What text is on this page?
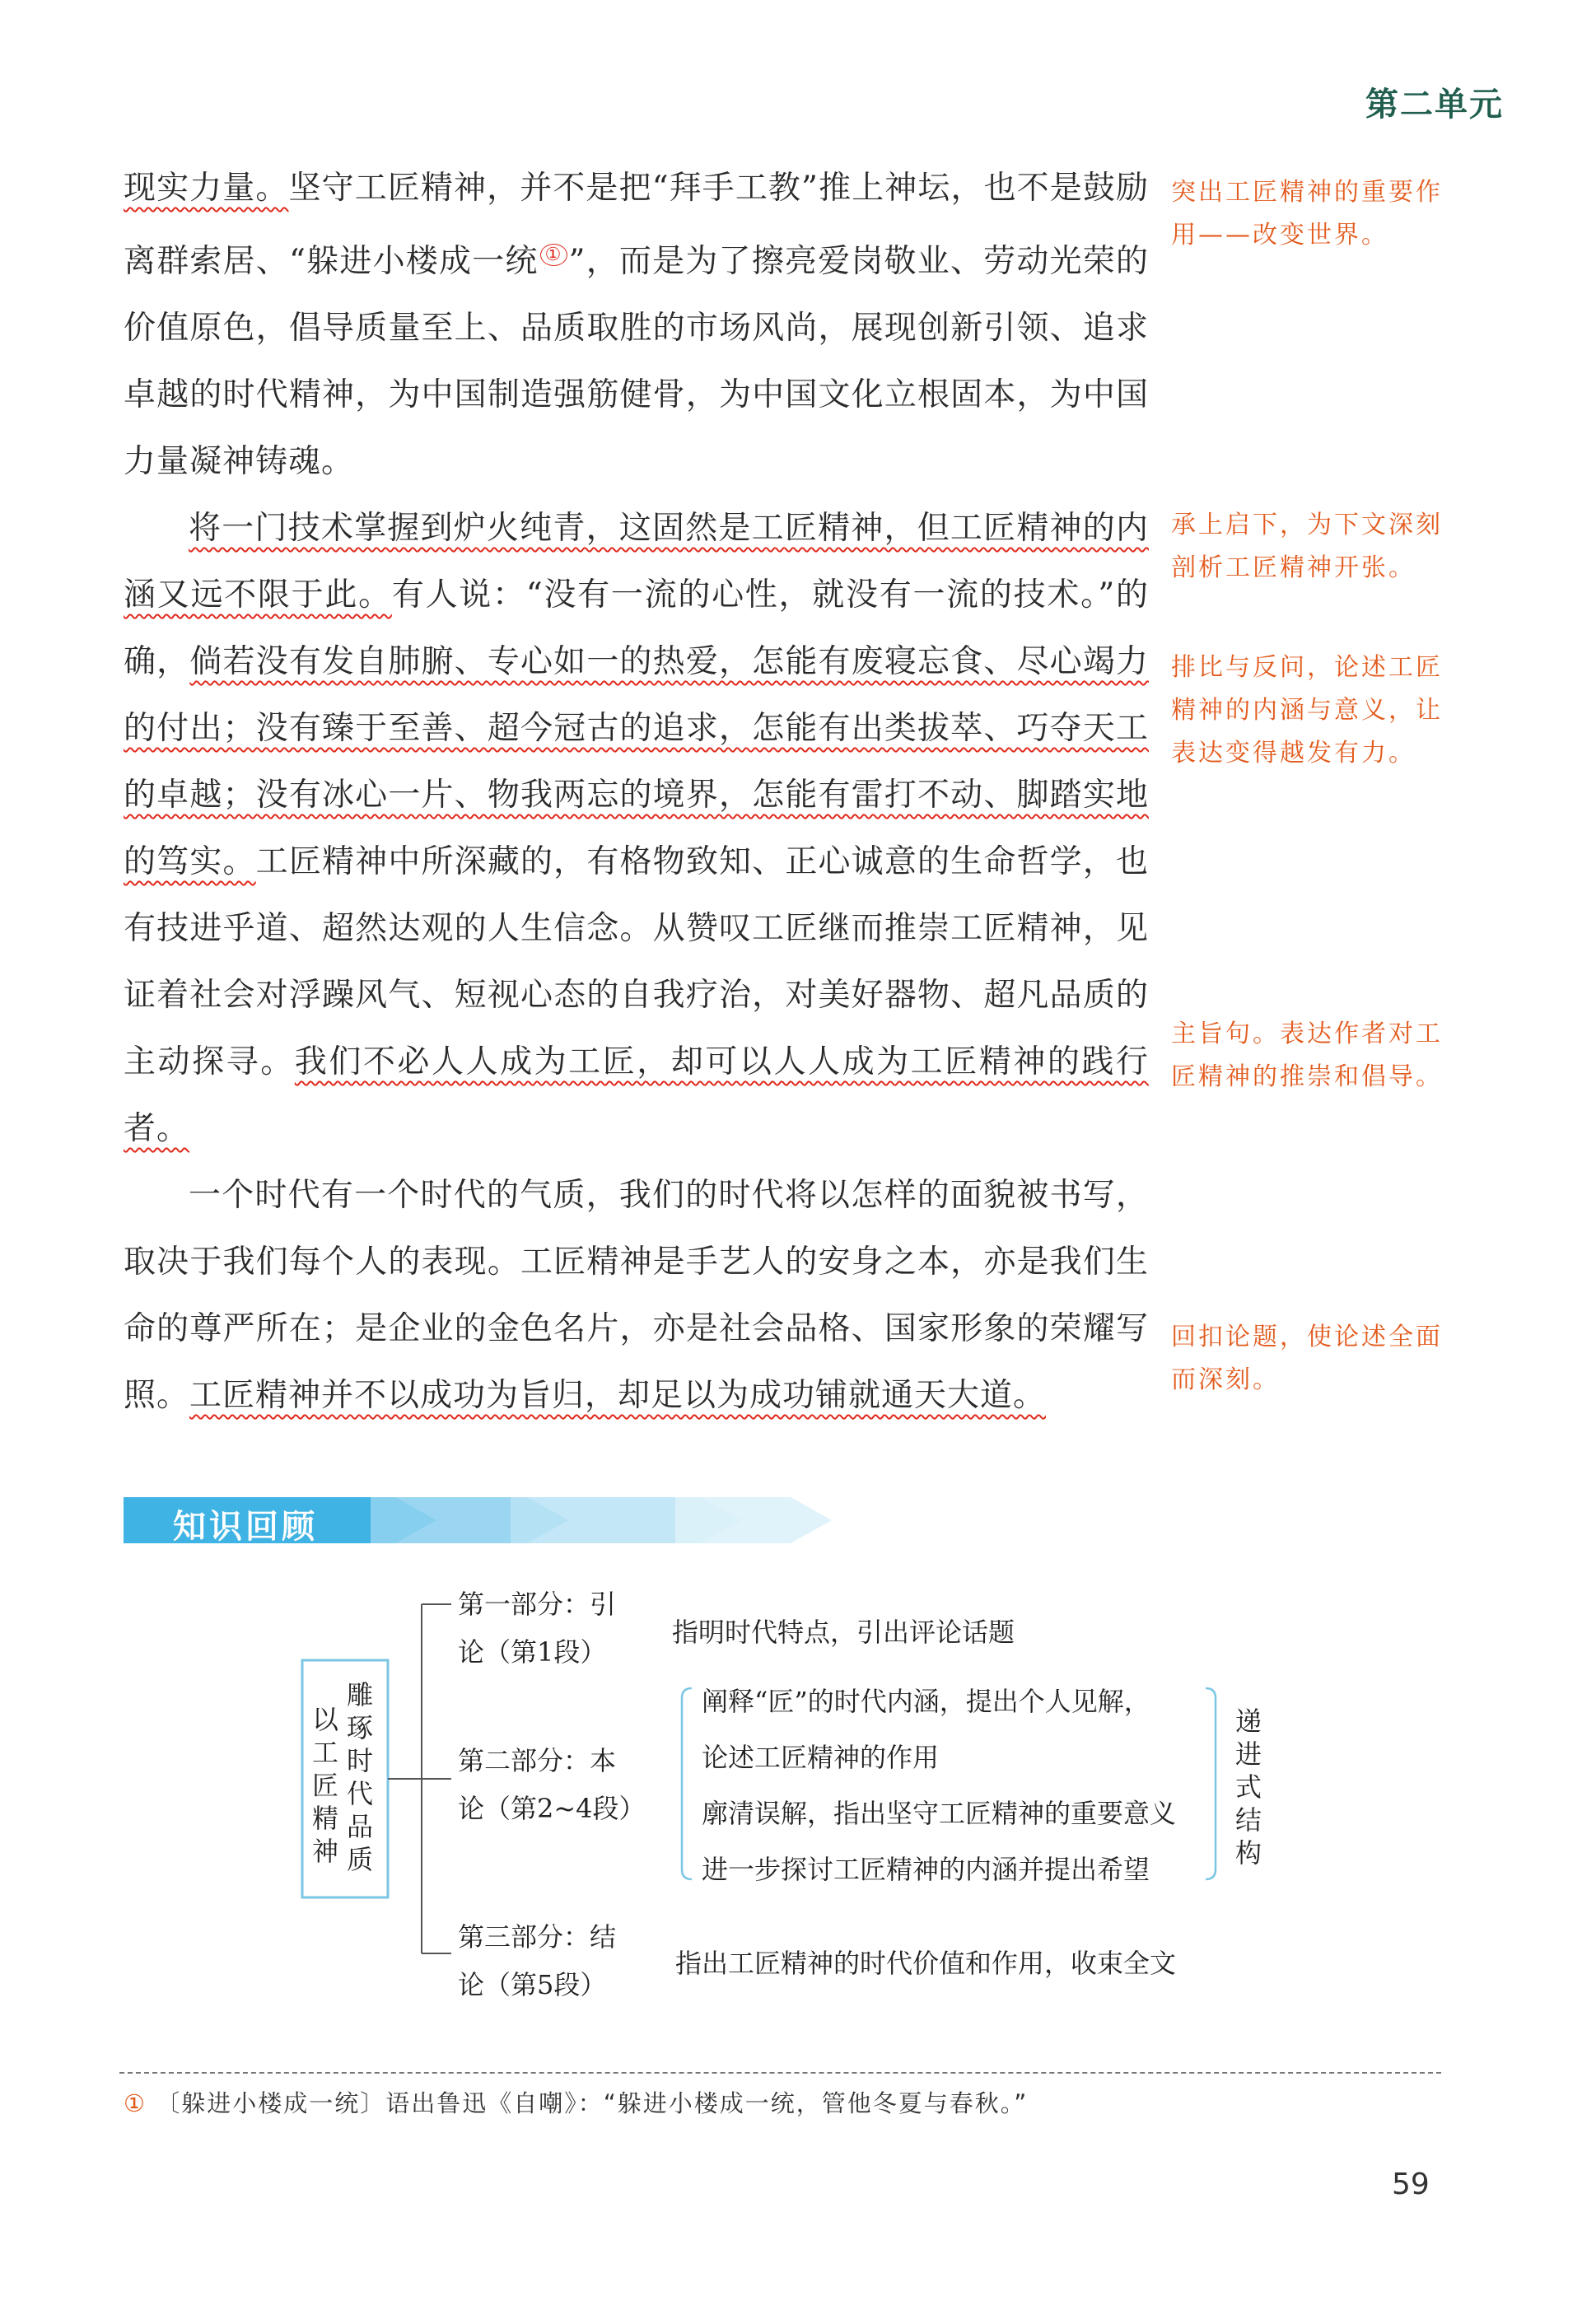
第二单元

现实力量。坚守工匠精神，并不是把“拜手工教”推上神坛，也不是鼓励离群索居、“躲进小楼成一统 ① ”，而是为了擦亮爱岗敬业、劳动光荣的价值原色，倡导质量至上、品质取胜的市场风尚，展现创新引领、追求卓越的时代精神，为中国制造强筋健骨，为中国文化立根固本，为中国力量凝神铸魂。

将一门技术掌握到炉火纯青，这固然是工匠精神，但工匠精神的内涵又远不限于此。有人说：“没有一流的心性，就没有一流的技术。”的确，倘若没有发自肺腑、专心如一的热爱，怎能有废寝忘食、尽心竭力的付出；没有臻于至善、超今冠古的追求，怎能有出类拔萃、巧夺天工的卓越；没有冰心一片、物我两忘的境界，怎能有雷打不动、脚踏实地的笃实。工匠精神中所深藏的，有格物致知、正心诚意的生命哲学，也有技进乎道、超然达观的人生信念。从赞叹工匠继而推崇工匠精神，见证着社会对浮躁风气、短视心态的自我疗治，对美好器物、超凡品质的主动探寻。我们不必人人成为工匠，却可以人人成为工匠精神的践行者。

一个时代有一个时代的气质，我们的时代将以怎样的面貌被书写，取决于我们每个人的表现。工匠精神是手艺人的安身之本，亦是我们生命的尊严所在；是企业的金色名片，亦是社会品格、国家形象的荣耀写照。工匠精神并不以成功为旨归，却足以为成功铺就通天大道。

突出工匠精神的重要作用——改变世界。
承上启下，为下文深刻剖析工匠精神开张。
排比与反问，论述工匠精神的内涵与意义，让表达变得越发有力。
主旨句。表达作者对工匠精神的推崇和倡导。
回扣论题，使论述全面而深刻。
知识回顾
以工匠精神
雕琢时代品质
第一部分：引
论（第1段）
指明时代特点，引出评论话题
第二部分：本
论（第2~4段）
阐释“匠”的时代内涵，提出个人见解，
论述工匠精神的作用
廓清误解，指出坚守工匠精神的重要意义
进一步探讨工匠精神的内涵并提出希望
递进式结构
第三部分：结
论（第5段）
指出工匠精神的时代价值和作用，收束全文
① 〔躲进小楼成一统〕语出鲁迅《自嘲》：“躲进小楼成一统，管他冬夏与春秋。”
59
